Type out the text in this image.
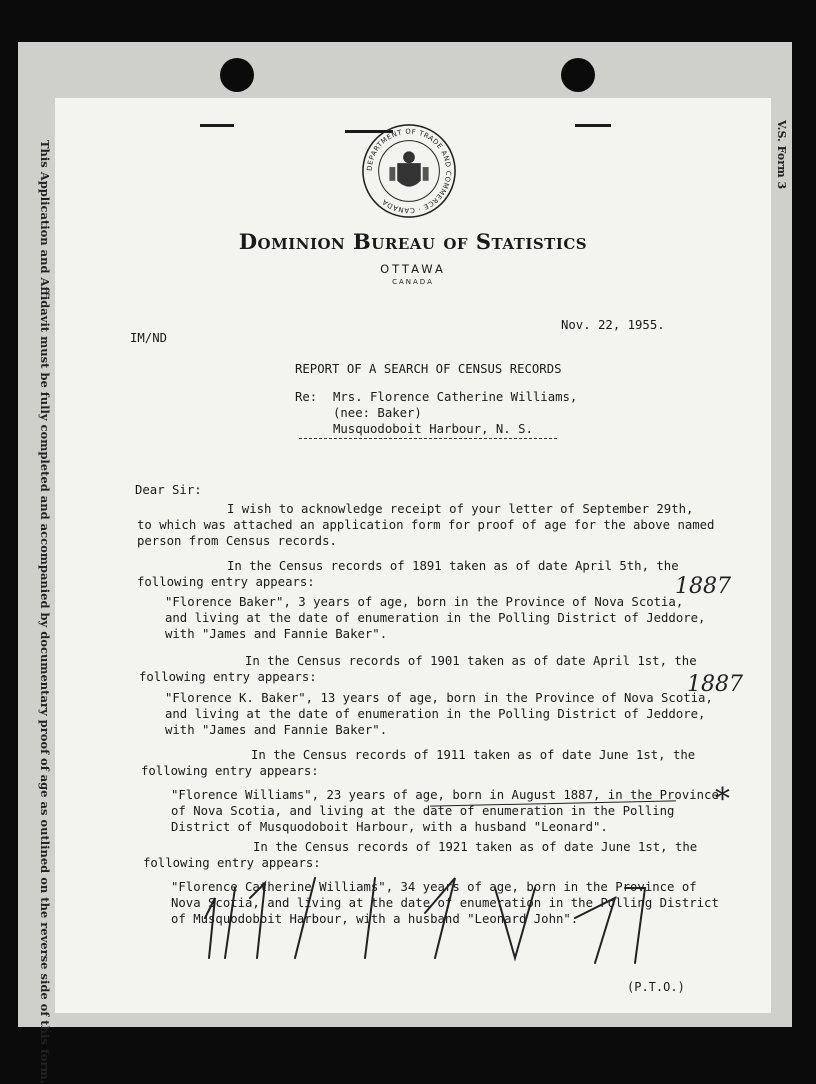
This Application and Affidavit must be fully completed and accompanied by documentary proof of age as outlined on the reverse side of this form.	V.S. Form 3
DEPARTMENT OF TRADE AND COMMERCE · CANADA
Dominion Bureau of Statistics
OTTAWA
CANADA
IM/ND
Nov. 22, 1955.
REPORT OF A SEARCH OF CENSUS RECORDS
Re: Mrs. Florence Catherine Williams,
(nee: Baker)
Musquodoboit Harbour, N. S.
Dear Sir:
I wish to acknowledge receipt of your letter of September 29th,
to which was attached an application form for proof of age for the above named
person from Census records.
In the Census records of 1891 taken as of date April 5th, the
following entry appears:
"Florence Baker", 3 years of age, born in the Province of Nova Scotia,
and living at the date of enumeration in the Polling District of Jeddore,
with "James and Fannie Baker".
In the Census records of 1901 taken as of date April 1st, the
following entry appears:
"Florence K. Baker", 13 years of age, born in the Province of Nova Scotia,
and living at the date of enumeration in the Polling District of Jeddore,
with "James and Fannie Baker".
In the Census records of 1911 taken as of date June 1st, the
following entry appears:
"Florence Williams", 23 years of age, born in August 1887, in the Province
of Nova Scotia, and living at the date of enumeration in the Polling
District of Musquodoboit Harbour, with a husband "Leonard".
In the Census records of 1921 taken as of date June 1st, the
following entry appears:
"Florence Catherine Williams", 34 years of age, born in the Province of
Nova Scotia, and living at the date of enumeration in the Polling District
of Musquodoboit Harbour, with a husband "Leonard John".
1887
1887
*
(P.T.O.)
